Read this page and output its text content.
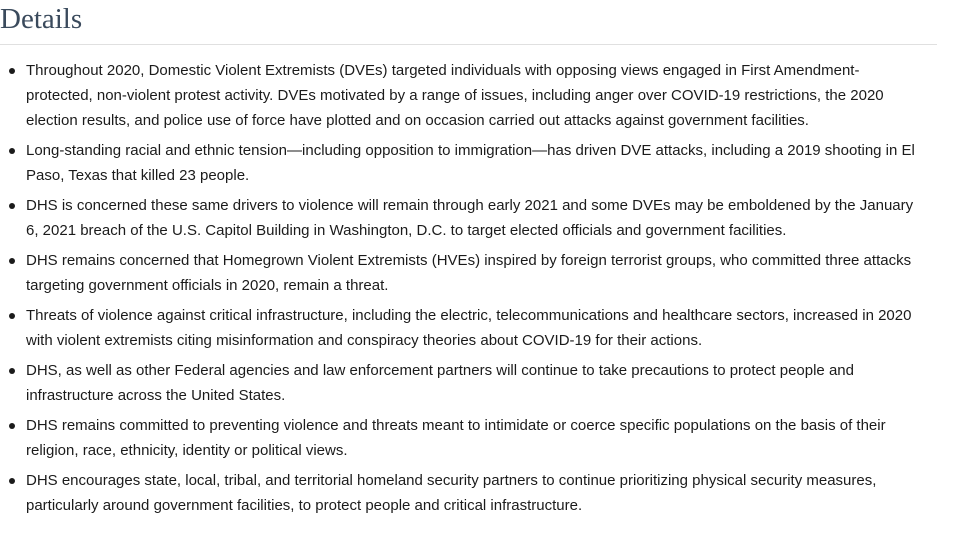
Details
Throughout 2020, Domestic Violent Extremists (DVEs) targeted individuals with opposing views engaged in First Amendment-protected, non-violent protest activity. DVEs motivated by a range of issues, including anger over COVID-19 restrictions, the 2020 election results, and police use of force have plotted and on occasion carried out attacks against government facilities.
Long-standing racial and ethnic tension—including opposition to immigration—has driven DVE attacks, including a 2019 shooting in El Paso, Texas that killed 23 people.
DHS is concerned these same drivers to violence will remain through early 2021 and some DVEs may be emboldened by the January 6, 2021 breach of the U.S. Capitol Building in Washington, D.C. to target elected officials and government facilities.
DHS remains concerned that Homegrown Violent Extremists (HVEs) inspired by foreign terrorist groups, who committed three attacks targeting government officials in 2020, remain a threat.
Threats of violence against critical infrastructure, including the electric, telecommunications and healthcare sectors, increased in 2020 with violent extremists citing misinformation and conspiracy theories about COVID-19 for their actions.
DHS, as well as other Federal agencies and law enforcement partners will continue to take precautions to protect people and infrastructure across the United States.
DHS remains committed to preventing violence and threats meant to intimidate or coerce specific populations on the basis of their religion, race, ethnicity, identity or political views.
DHS encourages state, local, tribal, and territorial homeland security partners to continue prioritizing physical security measures, particularly around government facilities, to protect people and critical infrastructure.
